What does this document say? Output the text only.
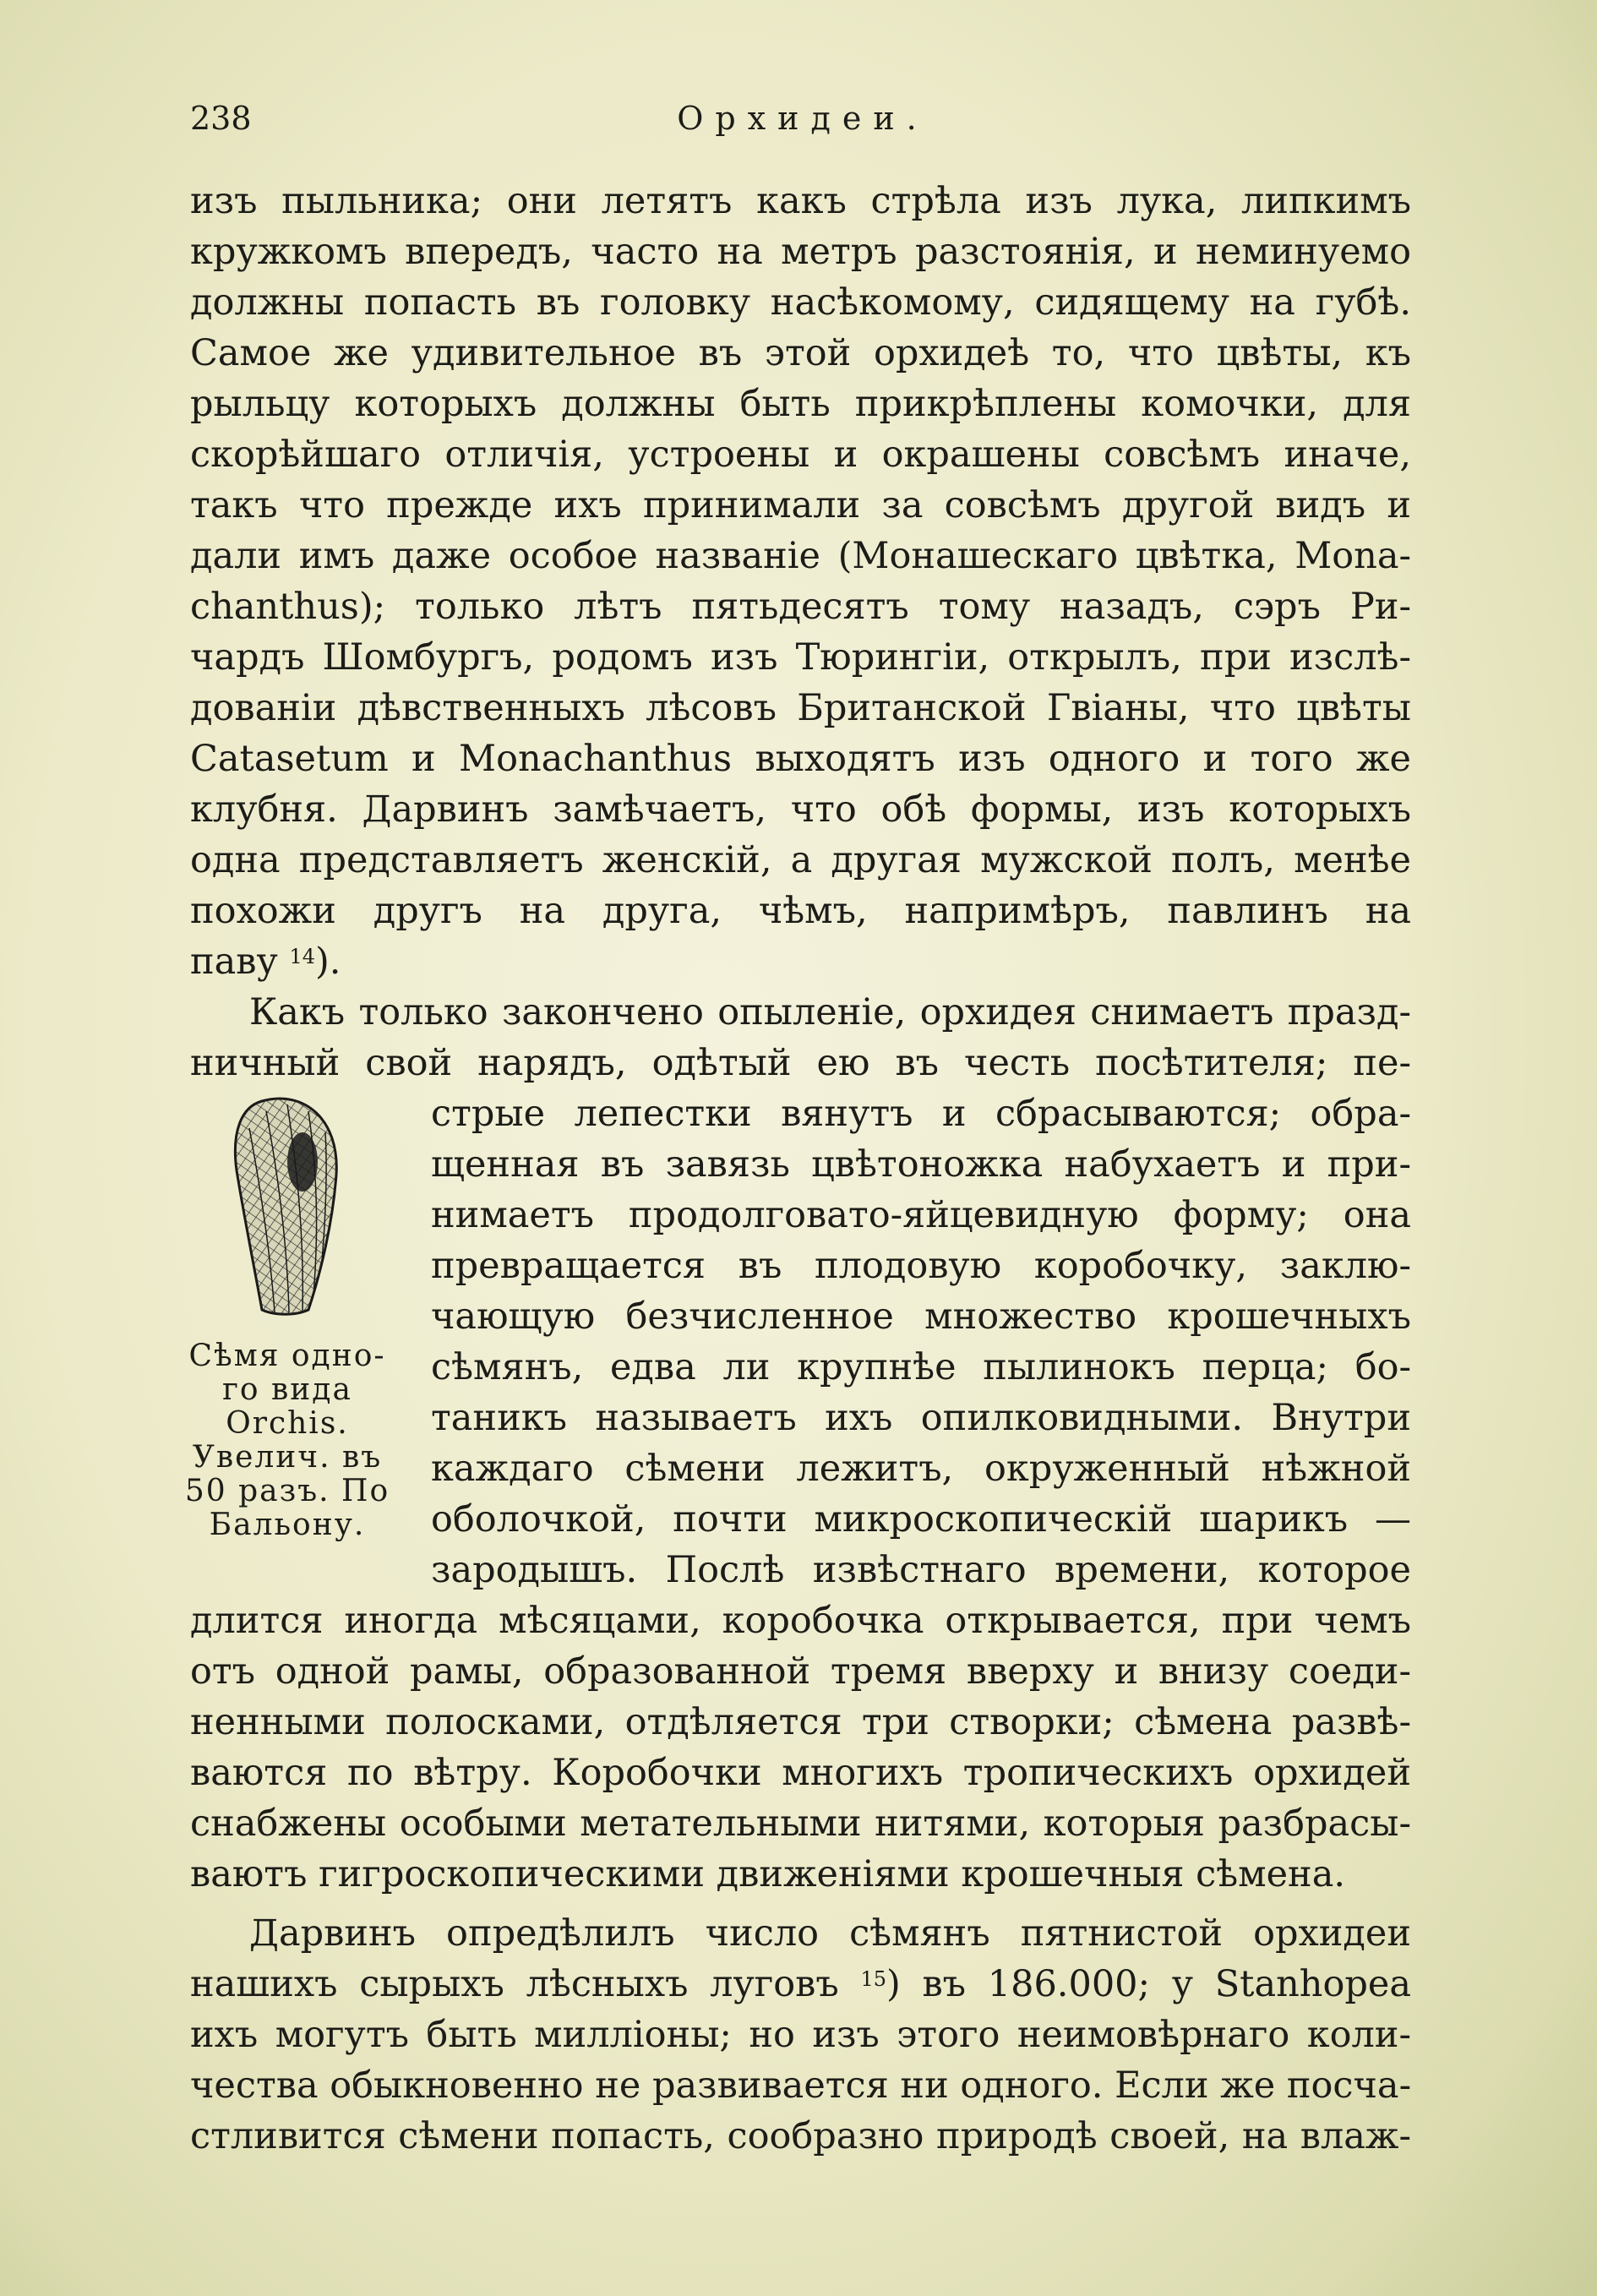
238	Орхидеи.
изъ пыльника; они летятъ какъ стрѣла изъ лука, липкимъ
кружкомъ впередъ, часто на метръ разстоянія, и неминуемо
должны попасть въ головку насѣкомому, сидящему на губѣ.
Самое же удивительное въ этой орхидеѣ то, что цвѣты, къ
рыльцу которыхъ должны быть прикрѣплены комочки, для
скорѣйшаго отличія, устроены и окрашены совсѣмъ иначе,
такъ что прежде ихъ принимали за совсѣмъ другой видъ и
дали имъ даже особое названіе (Монашескаго цвѣтка, Mona-
chanthus); только лѣтъ пятьдесятъ тому назадъ, сэръ Ри-
чардъ Шомбургъ, родомъ изъ Тюрингіи, открылъ, при изслѣ-
дованіи дѣвственныхъ лѣсовъ Британской Гвіаны, что цвѣты
Catasetum и Monachanthus выходятъ изъ одного и того же
клубня. Дарвинъ замѣчаетъ, что обѣ формы, изъ которыхъ
одна представляетъ женскій, а другая мужской полъ, менѣе
похожи другъ на друга, чѣмъ, напримѣръ, павлинъ на
паву $^{14}$).
Какъ только закончено опыленіе, орхидея снимаетъ празд-
ничный свой нарядъ, одѣтый ею въ честь посѣтителя; пе-
стрые лепестки вянутъ и сбрасываются; обра-
щенная въ завязь цвѣтоножка набухаетъ и при-
нимаетъ продолговато-яйцевидную форму; она
превращается въ плодовую коробочку, заклю-
чающую безчисленное множество крошечныхъ
сѣмянъ, едва ли крупнѣе пылинокъ перца; бо-
таникъ называетъ ихъ опилковидными. Внутри
каждаго сѣмени лежитъ, окруженный нѣжной
оболочкой, почти микроскопическій шарикъ —
зародышъ. Послѣ извѣстнаго времени, которое
длится иногда мѣсяцами, коробочка открывается, при чемъ
отъ одной рамы, образованной тремя вверху и внизу соеди-
ненными полосками, отдѣляется три створки; сѣмена развѣ-
ваются по вѣтру. Коробочки многихъ тропическихъ орхидей
снабжены особыми метательными нитями, которыя разбрасы-
ваютъ гигроскопическими движеніями крошечныя сѣмена.
Сѣмя одно-
го вида
Orchis.
Увелич. въ
50 разъ. По
Бальону.
Дарвинъ опредѣлилъ число сѣмянъ пятнистой орхидеи
нашихъ сырыхъ лѣсныхъ луговъ $^{15}$) въ 186.000; у Stanhopea
ихъ могутъ быть милліоны; но изъ этого неимовѣрнаго коли-
чества обыкновенно не развивается ни одного. Если же посча-
стливится сѣмени попасть, сообразно природѣ своей, на влаж-
